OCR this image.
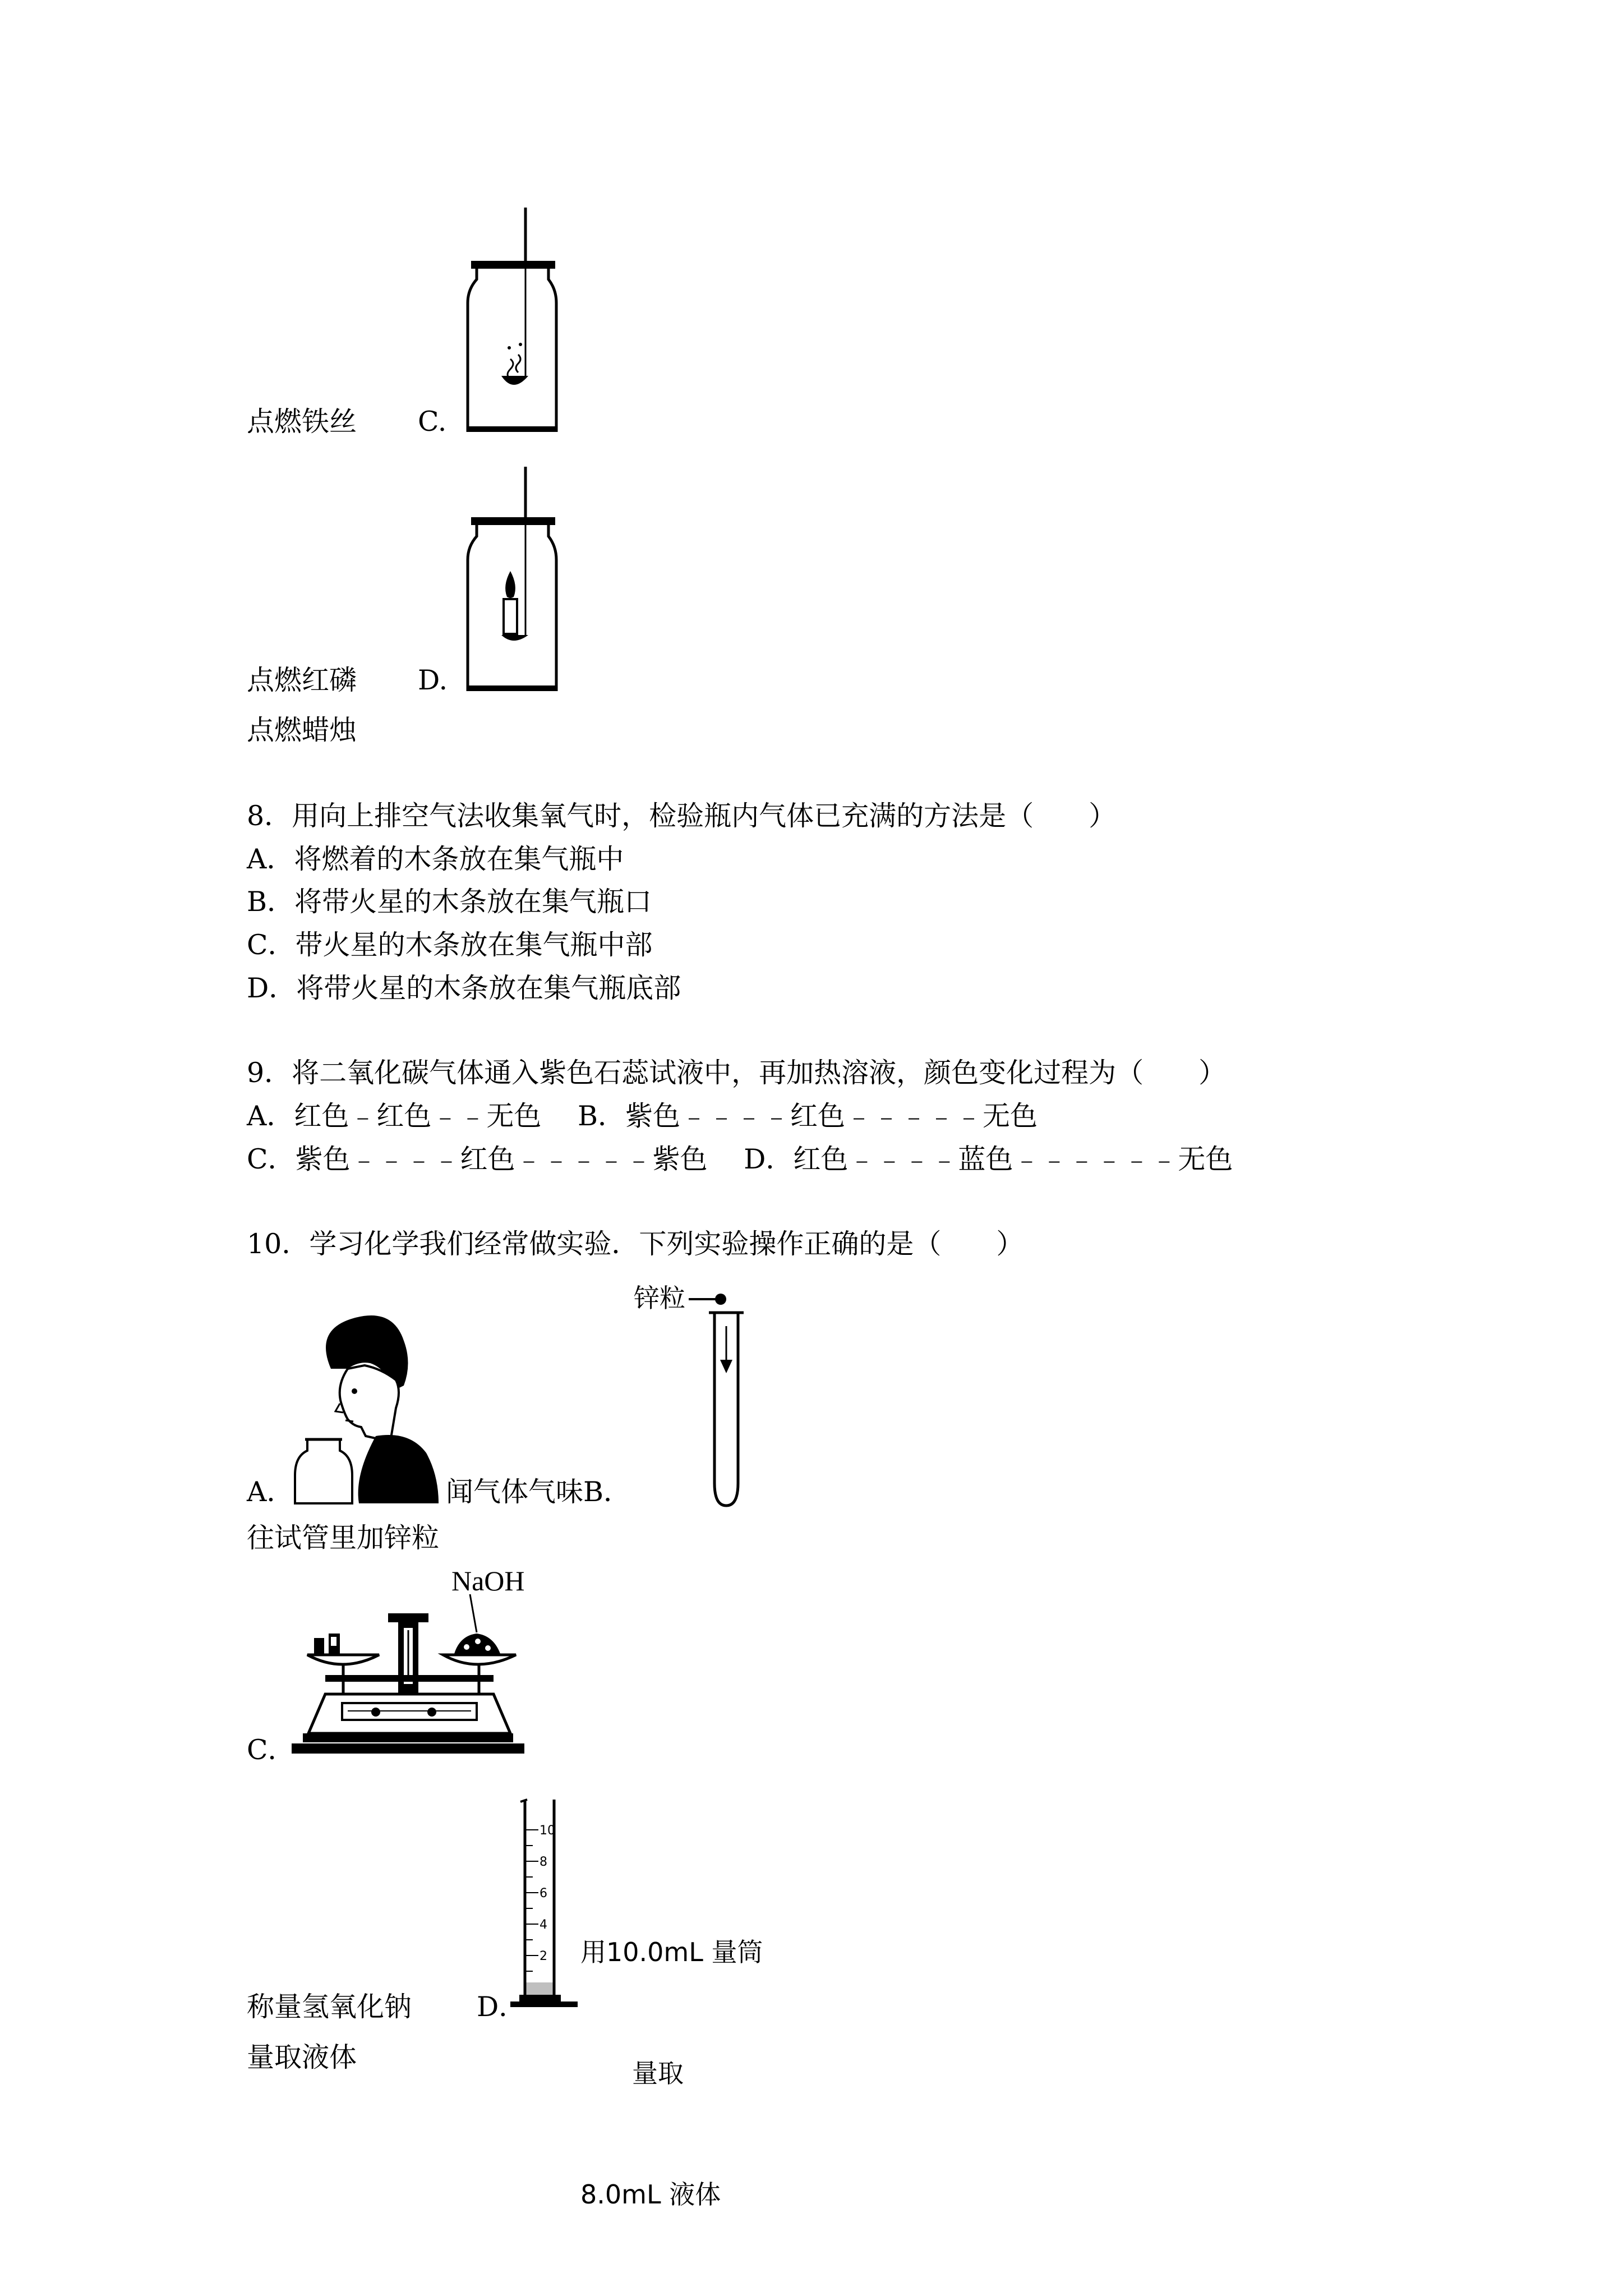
点燃铁丝 C.
点燃红磷 D.
点燃蜡烛
8．用向上排空气法收集氧气时，检验瓶内气体已充满的方法是（　　）
A．将燃着的木条放在集气瓶中
B．将带火星的木条放在集气瓶口
C．带火星的木条放在集气瓶中部
D．将带火星的木条放在集气瓶底部
9．将二氧化碳气体通入紫色石蕊试液中，再加热溶液，颜色变化过程为（　　）
A．红色﹣红色﹣﹣无色　 B．紫色﹣﹣﹣﹣红色﹣﹣﹣﹣﹣无色
C．紫色﹣﹣﹣﹣红色﹣﹣﹣﹣﹣紫色　 D．红色﹣﹣﹣﹣蓝色﹣﹣﹣﹣﹣﹣无色
10．学习化学我们经常做实验．下列实验操作正确的是（　　）
A．	闻气体气味B．
锌粒
往试管里加锌粒
NaOH
C．
10
8
6
4
2

用10.0mL 量筒

量取

8.0mL 液体

称量氢氧化钠 D．
量取液体
